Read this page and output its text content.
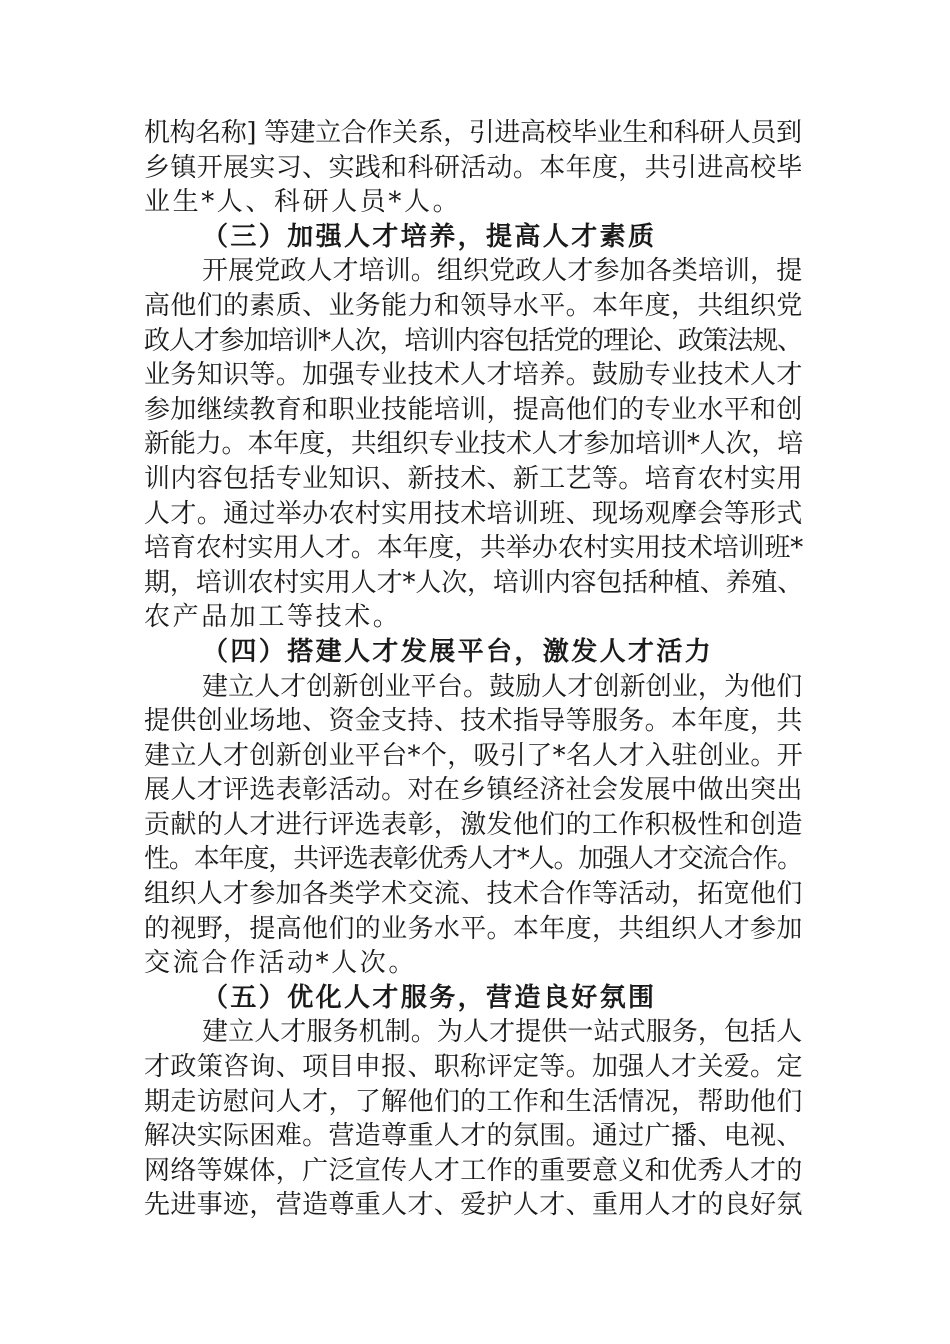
机构名称] 等建立合作关系，引进高校毕业生和科研人员到
乡镇开展实习、实践和科研活动。本年度，共引进高校毕
业生*人、科研人员*人。
（三）加强人才培养，提高人才素质
开展党政人才培训。组织党政人才参加各类培训，提
高他们的素质、业务能力和领导水平。本年度，共组织党
政人才参加培训*人次，培训内容包括党的理论、政策法规、
业务知识等。加强专业技术人才培养。鼓励专业技术人才
参加继续教育和职业技能培训，提高他们的专业水平和创
新能力。本年度，共组织专业技术人才参加培训*人次，培
训内容包括专业知识、新技术、新工艺等。培育农村实用
人才。通过举办农村实用技术培训班、现场观摩会等形式
培育农村实用人才。本年度，共举办农村实用技术培训班*
期，培训农村实用人才*人次，培训内容包括种植、养殖、
农产品加工等技术。
（四）搭建人才发展平台，激发人才活力
建立人才创新创业平台。鼓励人才创新创业，为他们
提供创业场地、资金支持、技术指导等服务。本年度，共
建立人才创新创业平台*个，吸引了*名人才入驻创业。开
展人才评选表彰活动。对在乡镇经济社会发展中做出突出
贡献的人才进行评选表彰，激发他们的工作积极性和创造
性。本年度，共评选表彰优秀人才*人。加强人才交流合作。
组织人才参加各类学术交流、技术合作等活动，拓宽他们
的视野，提高他们的业务水平。本年度，共组织人才参加
交流合作活动*人次。
（五）优化人才服务，营造良好氛围
建立人才服务机制。为人才提供一站式服务，包括人
才政策咨询、项目申报、职称评定等。加强人才关爱。定
期走访慰问人才，了解他们的工作和生活情况，帮助他们
解决实际困难。营造尊重人才的氛围。通过广播、电视、
网络等媒体，广泛宣传人才工作的重要意义和优秀人才的
先进事迹，营造尊重人才、爱护人才、重用人才的良好氛
